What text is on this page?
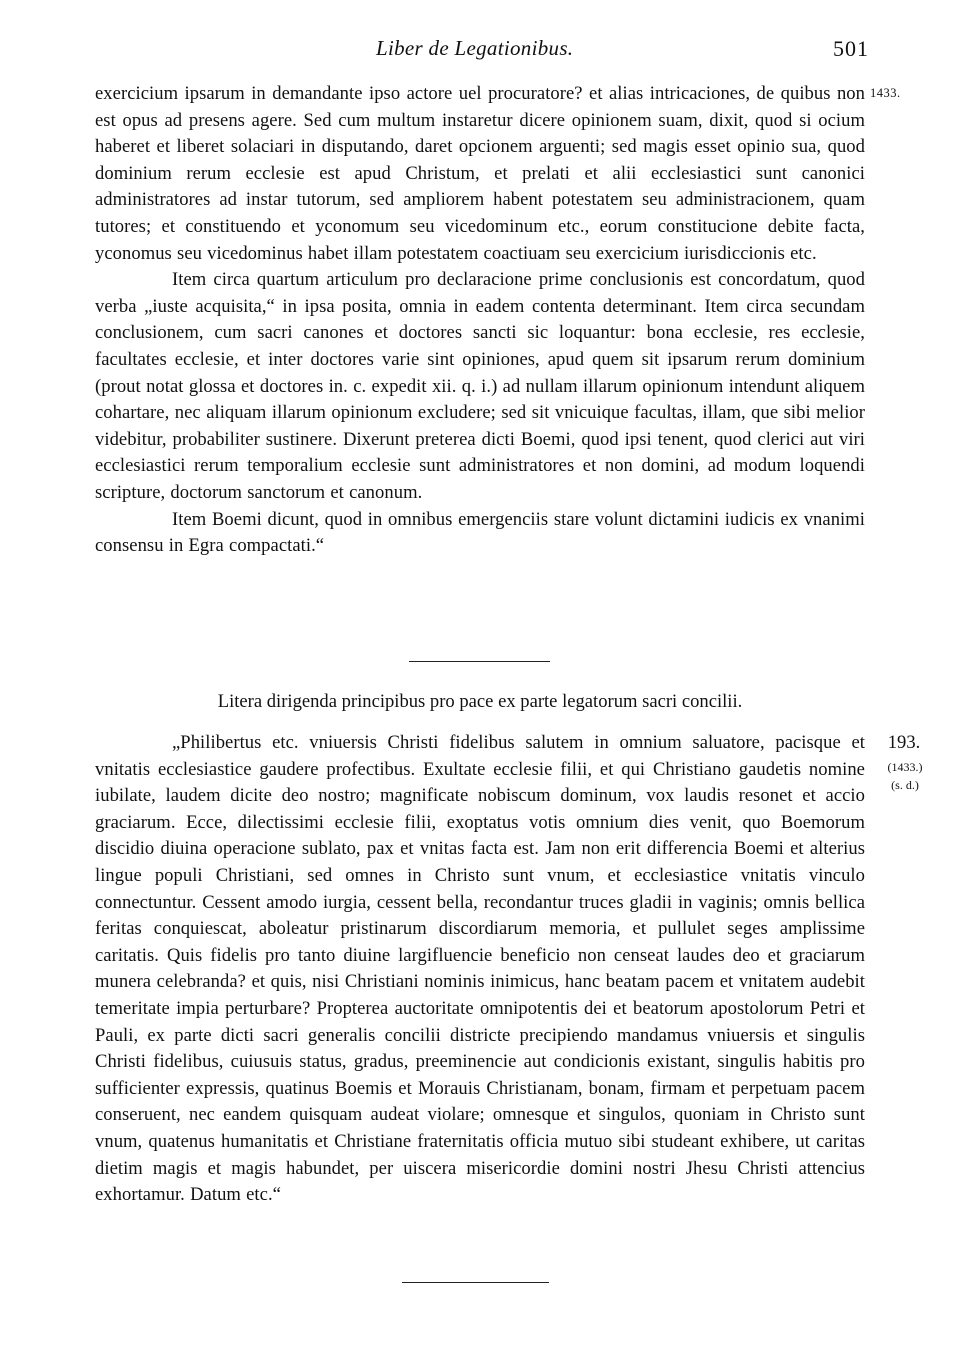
Liber de Legationibus.	501
1433.

exercicium ipsarum in demandante ipso actore uel procuratore? et alias intricaciones, de quibus non est opus ad presens agere. Sed cum multum instaretur dicere opinionem suam, dixit, quod si ocium haberet et liberet solaciari in disputando, daret opcionem arguenti; sed magis esset opinio sua, quod dominium rerum ecclesie est apud Christum, et prelati et alii ecclesiastici sunt canonici administratores ad instar tutorum, sed ampliorem habent potestatem seu administracionem, quam tutores; et constituendo et yconomum seu vicedominum etc., eorum constitucione debite facta, yconomus seu vicedominus habet illam potestatem coactiuam seu exercicium iurisdiccionis etc.

Item circa quartum articulum pro declaracione prime conclusionis est concordatum, quod verba „iuste acquisita,“ in ipsa posita, omnia in eadem contenta determinant. Item circa secundam conclusionem, cum sacri canones et doctores sancti sic loquantur: bona ecclesie, res ecclesie, facultates ecclesie, et inter doctores varie sint opiniones, apud quem sit ipsarum rerum dominium (prout notat glossa et doctores in. c. expedit xii. q. i.) ad nullam illarum opinionum intendunt aliquem cohartare, nec aliquam illarum opinionum excludere; sed sit vnicuique facultas, illam, que sibi melior videbitur, probabiliter sustinere. Dixerunt preterea dicti Boemi, quod ipsi tenent, quod clerici aut viri ecclesiastici rerum temporalium ecclesie sunt administratores et non domini, ad modum loquendi scripture, doctorum sanctorum et canonum.

Item Boemi dicunt, quod in omnibus emergenciis stare volunt dictamini iudicis ex vnanimi consensu in Egra compactati.“

Litera dirigenda principibus pro pace ex parte legatorum sacri concilii.
193.
(1433.)
(s. d.)

„Philibertus etc. vniuersis Christi fidelibus salutem in omnium saluatore, pacisque et vnitatis ecclesiastice gaudere profectibus. Exultate ecclesie filii, et qui Christiano gaudetis nomine iubilate, laudem dicite deo nostro; magnificate nobiscum dominum, vox laudis resonet et accio graciarum. Ecce, dilectissimi ecclesie filii, exoptatus votis omnium dies venit, quo Boemorum discidio diuina operacione sublato, pax et vnitas facta est. Jam non erit differencia Boemi et alterius lingue populi Christiani, sed omnes in Christo sunt vnum, et ecclesiastice vnitatis vinculo connectuntur. Cessent amodo iurgia, cessent bella, recondantur truces gladii in vaginis; omnis bellica feritas conquiescat, aboleatur pristinarum discordiarum memoria, et pullulet seges amplissime caritatis. Quis fidelis pro tanto diuine largifluencie beneficio non censeat laudes deo et graciarum munera celebranda? et quis, nisi Christiani nominis inimicus, hanc beatam pacem et vnitatem audebit temeritate impia perturbare? Propterea auctoritate omnipotentis dei et beatorum apostolorum Petri et Pauli, ex parte dicti sacri generalis concilii districte precipiendo mandamus vniuersis et singulis Christi fidelibus, cuiusuis status, gradus, preeminencie aut condicionis existant, singulis habitis pro sufficienter expressis, quatinus Boemis et Morauis Christianam, bonam, firmam et perpetuam pacem conseruent, nec eandem quisquam audeat violare; omnesque et singulos, quoniam in Christo sunt vnum, quatenus humanitatis et Christiane fraternitatis officia mutuo sibi studeant exhibere, ut caritas dietim magis et magis habundet, per uiscera misericordie domini nostri Jhesu Christi attencius exhortamur. Datum etc.“
